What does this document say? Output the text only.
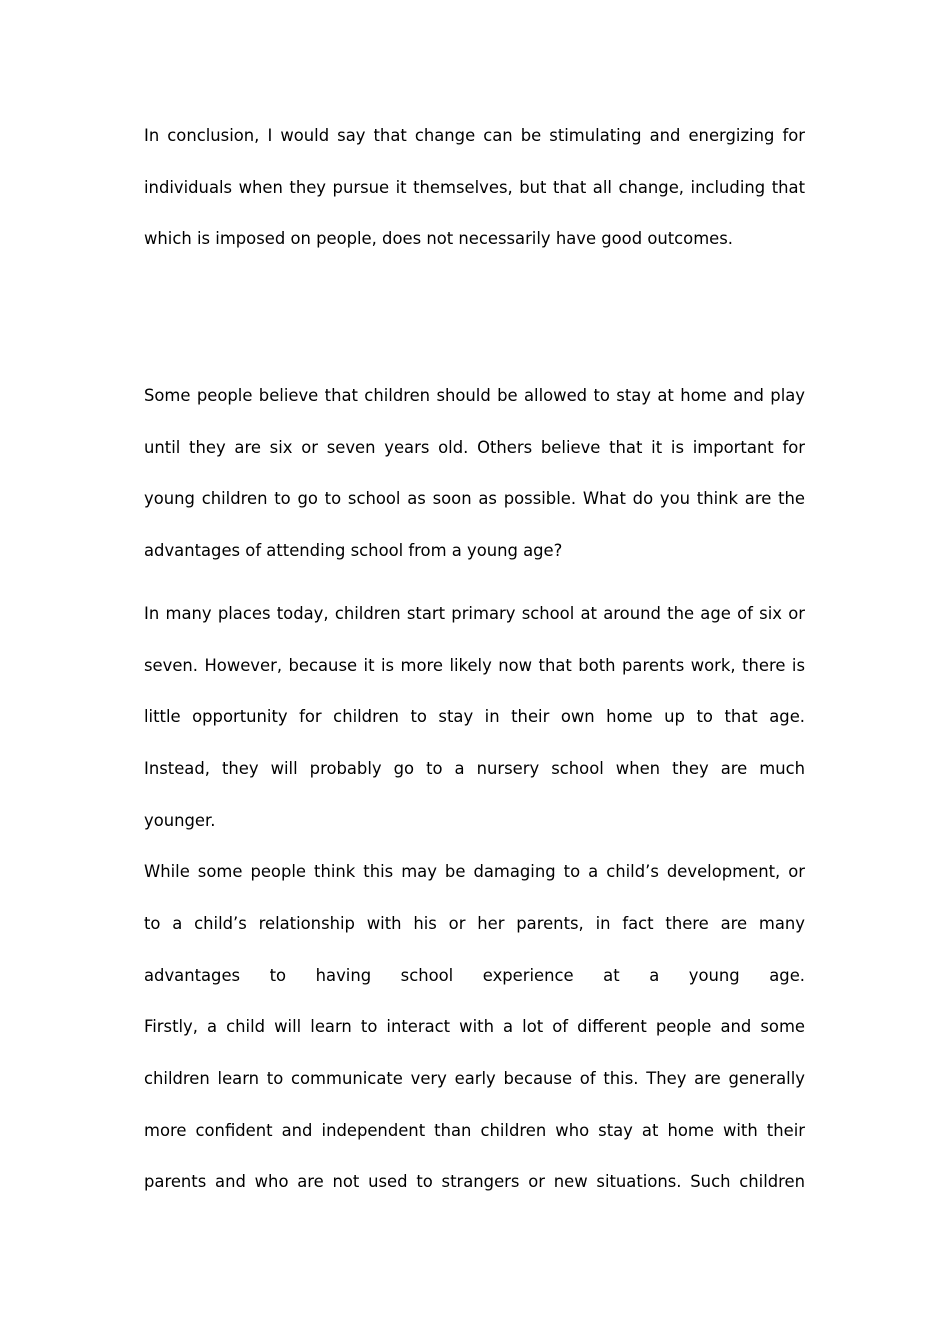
In conclusion, I would say that change can be stimulating and energizing for
individuals when they pursue it themselves, but that all change, including that
which is imposed on people, does not necessarily have good outcomes.
Some people believe that children should be allowed to stay at home and play
until they are six or seven years old. Others believe that it is important for
young children to go to school as soon as possible. What do you think are the
advantages of attending school from a young age?
In many places today, children start primary school at around the age of six or
seven. However, because it is more likely now that both parents work, there is
little opportunity for children to stay in their own home up to that age.
Instead, they will probably go to a nursery school when they are much
younger.
While some people think this may be damaging to a child’s development, or
to a child’s relationship with his or her parents, in fact there are many
advantages to having school experience at a young age.
Firstly, a child will learn to interact with a lot of different people and some
children learn to communicate very early because of this. They are generally
more confident and independent than children who stay at home with their
parents and who are not used to strangers or new situations. Such children
